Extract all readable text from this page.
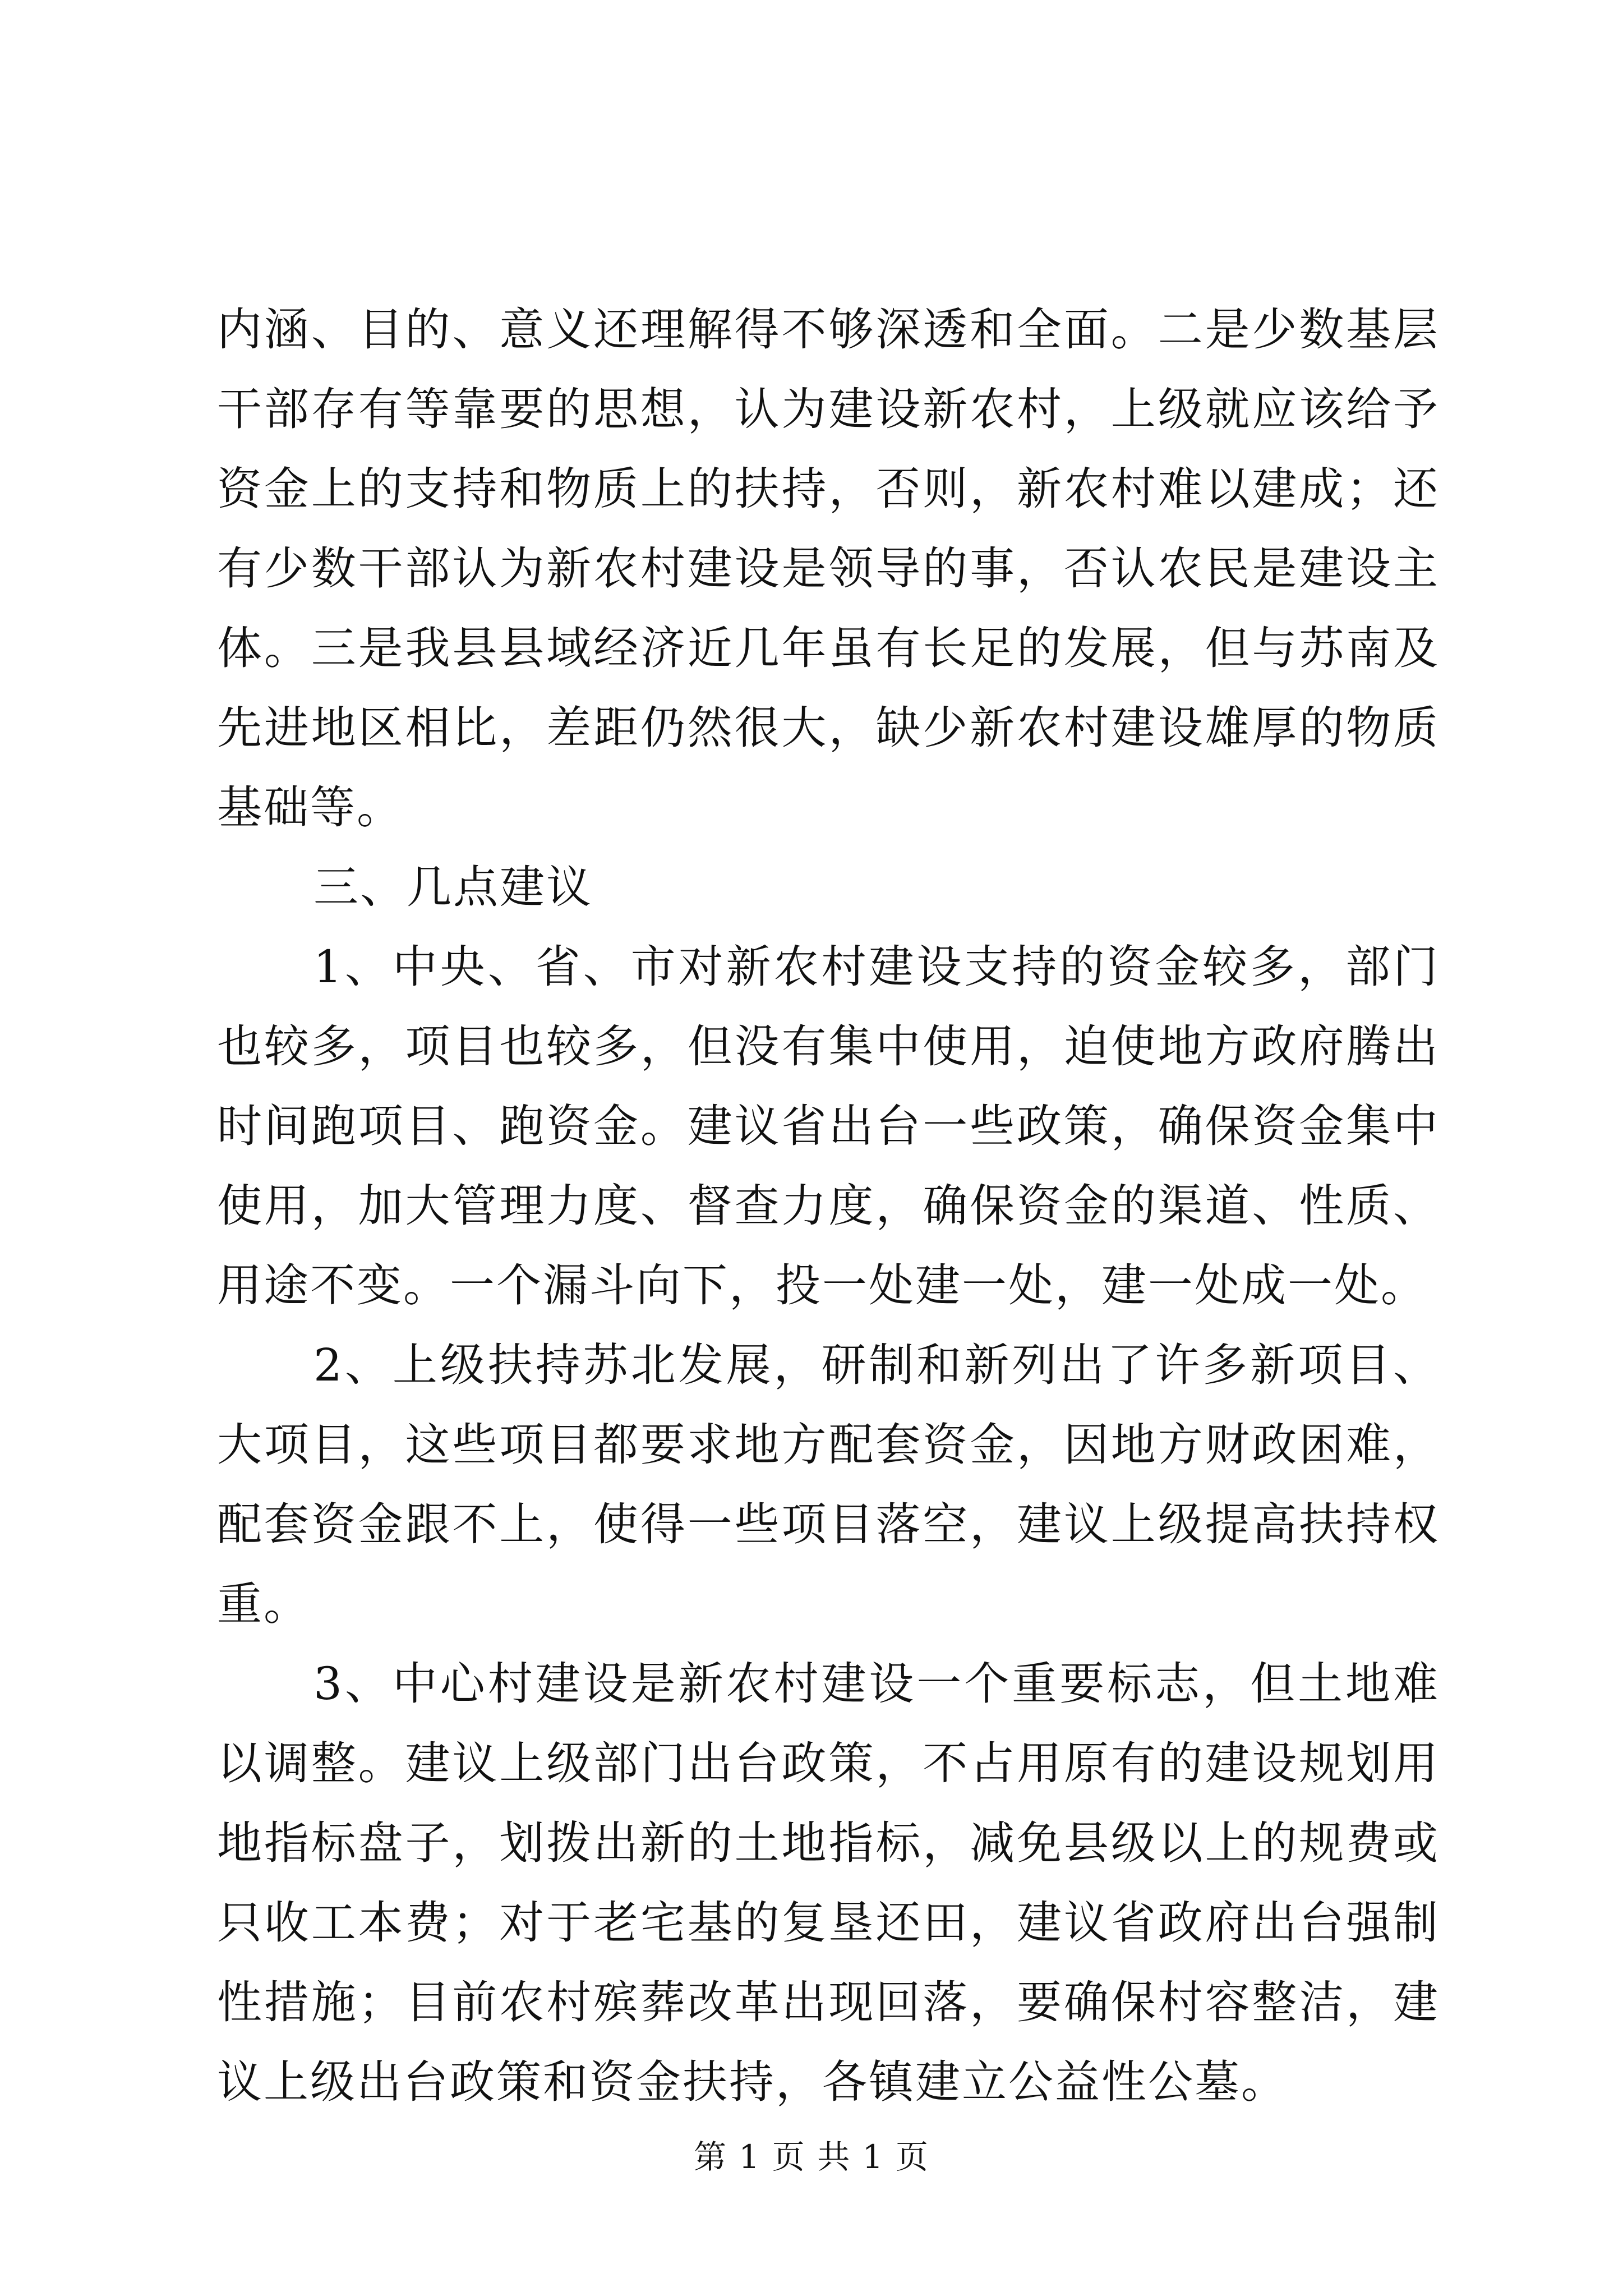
内涵、目的、意义还理解得不够深透和全面。二是少数基层干部存有等靠要的思想，认为建设新农村，上级就应该给予资金上的支持和物质上的扶持，否则，新农村难以建成；还有少数干部认为新农村建设是领导的事，否认农民是建设主体。三是我县县域经济近几年虽有长足的发展，但与苏南及先进地区相比，差距仍然很大，缺少新农村建设雄厚的物质基础等。

三、几点建议

1、中央、省、市对新农村建设支持的资金较多，部门也较多，项目也较多，但没有集中使用，迫使地方政府腾出时间跑项目、跑资金。建议省出台一些政策，确保资金集中使用，加大管理力度、督查力度，确保资金的渠道、性质、用途不变。一个漏斗向下，投一处建一处，建一处成一处。

2、上级扶持苏北发展，研制和新列出了许多新项目、大项目，这些项目都要求地方配套资金，因地方财政困难，配套资金跟不上，使得一些项目落空，建议上级提高扶持权重。

3、中心村建设是新农村建设一个重要标志，但土地难以调整。建议上级部门出台政策，不占用原有的建设规划用地指标盘子，划拨出新的土地指标，减免县级以上的规费或只收工本费；对于老宅基的复垦还田，建议省政府出台强制性措施；目前农村殡葬改革出现回落，要确保村容整洁，建议上级出台政策和资金扶持，各镇建立公益性公墓。

第 1 页 共 1 页
